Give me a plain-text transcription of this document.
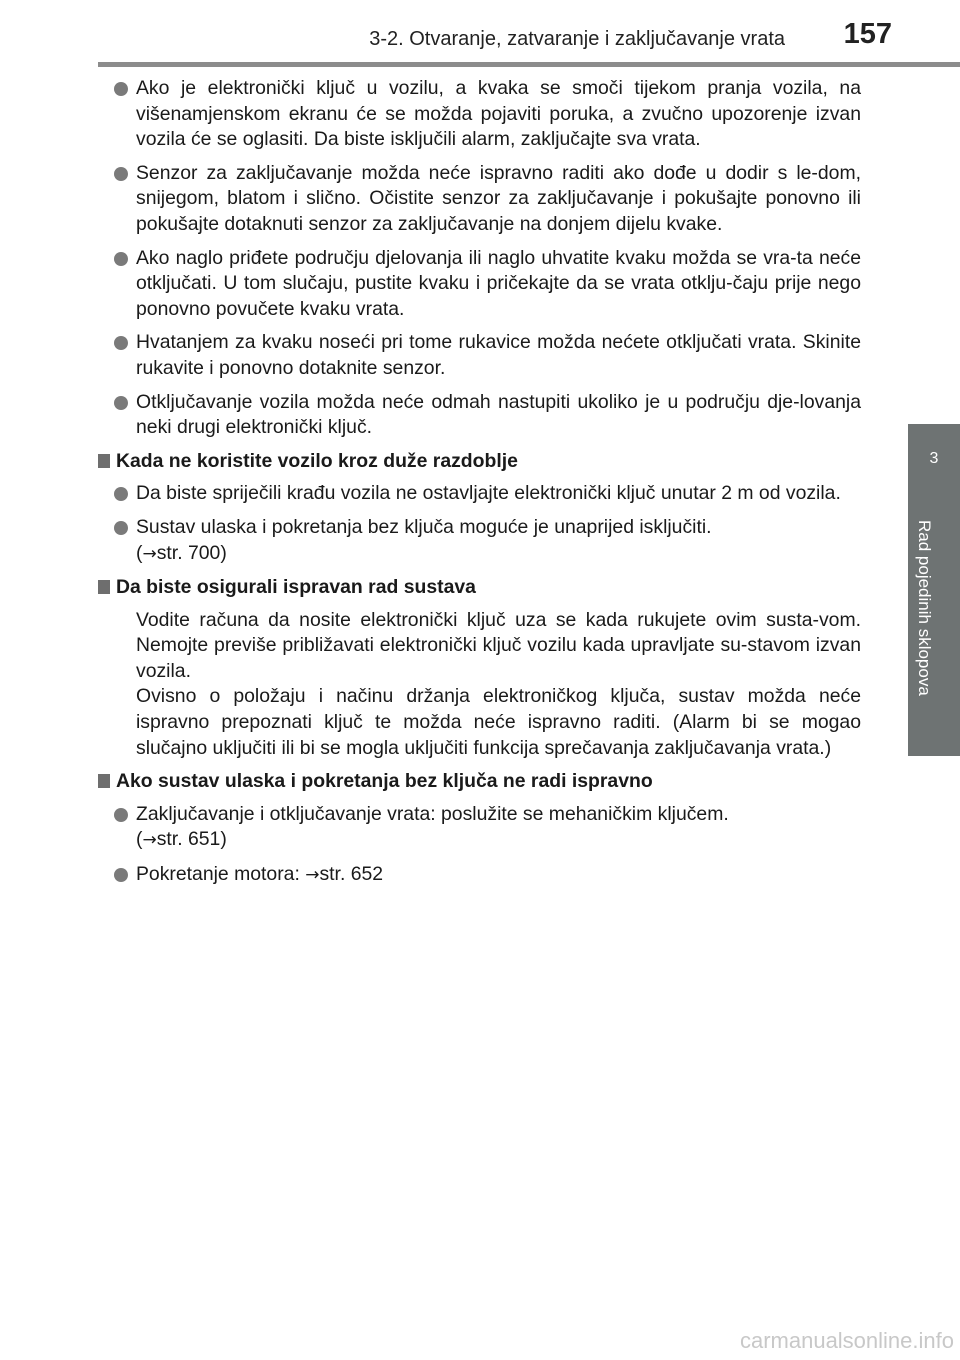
3-2. Otvaranje, zatvaranje i zaključavanje vrata 157
3
Rad pojedinih sklopova
Ako je elektronički ključ u vozilu, a kvaka se smoči tijekom pranja vozila, na višenamjenskom ekranu će se možda pojaviti poruka, a zvučno upozorenje izvan vozila će se oglasiti. Da biste isključili alarm, zaključajte sva vrata.
Senzor za zaključavanje možda neće ispravno raditi ako dođe u dodir s le-dom, snijegom, blatom i slično. Očistite senzor za zaključavanje i pokušajte ponovno ili pokušajte dotaknuti senzor za zaključavanje na donjem dijelu kvake.
Ako naglo priđete području djelovanja ili naglo uhvatite kvaku možda se vra-ta neće otključati. U tom slučaju, pustite kvaku i pričekajte da se vrata otklju-čaju prije nego ponovno povučete kvaku vrata.
Hvatanjem za kvaku noseći pri tome rukavice možda nećete otključati vrata. Skinite rukavite i ponovno dotaknite senzor.
Otključavanje vozila možda neće odmah nastupiti ukoliko je u području dje-lovanja neki drugi elektronički ključ.
Kada ne koristite vozilo kroz duže razdoblje
Da biste spriječili krađu vozila ne ostavljajte elektronički ključ unutar 2 m od vozila.
Sustav ulaska i pokretanja bez ključa moguće je unaprijed isključiti.
(→str. 700)
Da biste osigurali ispravan rad sustava

Vodite računa da nosite elektronički ključ uza se kada rukujete ovim susta-vom. Nemojte previše približavati elektronički ključ vozilu kada upravljate su-stavom izvan vozila.

Ovisno o položaju i načinu držanja elektroničkog ključa, sustav možda neće ispravno prepoznati ključ te možda neće ispravno raditi. (Alarm bi se mogao slučajno uključiti ili bi se mogla uključiti funkcija sprečavanja zaključavanja vrata.)

Ako sustav ulaska i pokretanja bez ključa ne radi ispravno
Zaključavanje i otključavanje vrata: poslužite se mehaničkim ključem.
(→str. 651)
Pokretanje motora: →str. 652
carmanualsonline.info
